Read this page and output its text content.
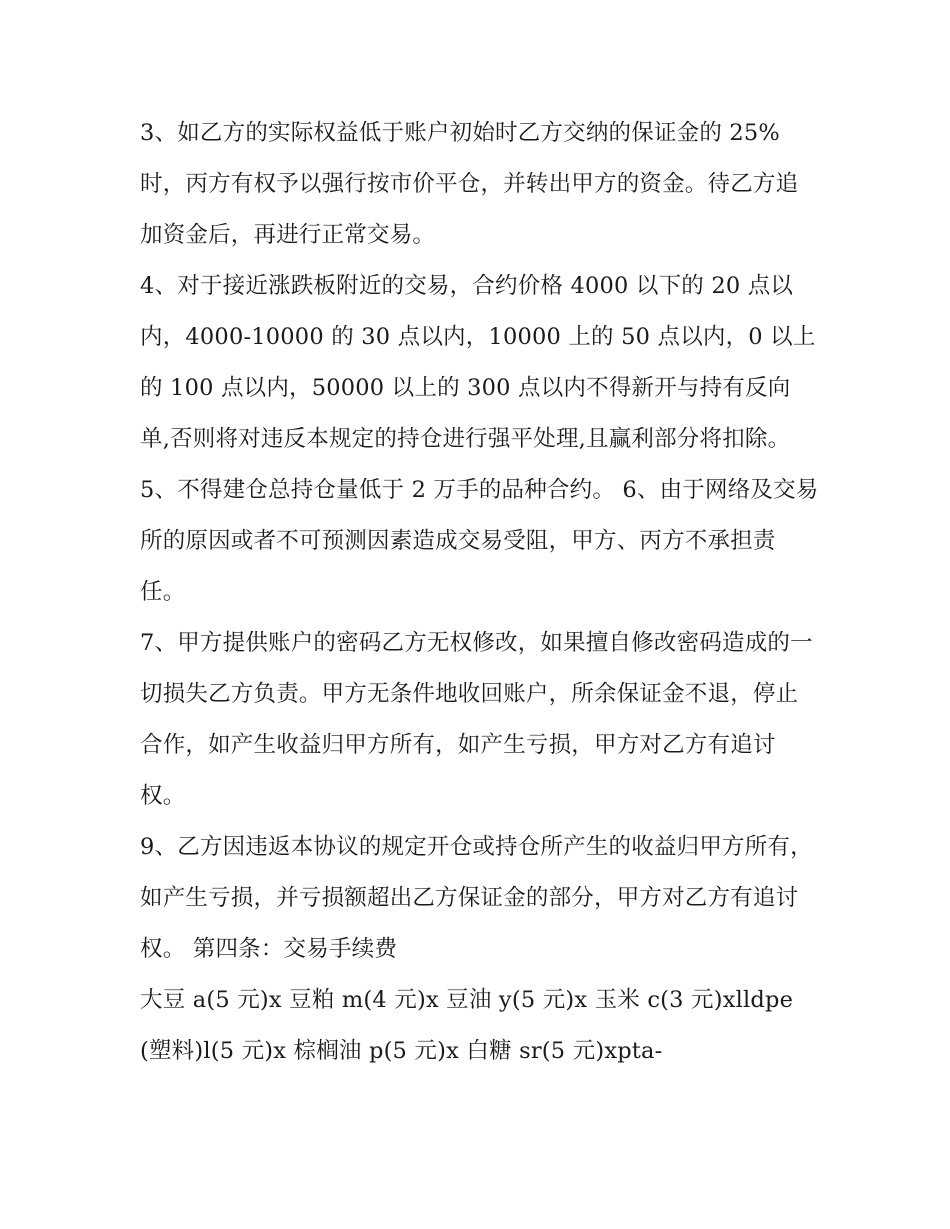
3、如乙方的实际权益低于账户初始时乙方交纳的保证金的 25%时，丙方有权予以强行按市价平仓，并转出甲方的资金。待乙方追加资金后，再进行正常交易。

4、对于接近涨跌板附近的交易，合约价格 4000 以下的 20 点以内，4000-10000 的 30 点以内，10000 上的 50 点以内，0 以上的 100 点以内，50000 以上的 300 点以内不得新开与持有反向单,否则将对违反本规定的持仓进行强平处理,且赢利部分将扣除。

5、不得建仓总持仓量低于 2 万手的品种合约。 6、由于网络及交易所的原因或者不可预测因素造成交易受阻，甲方、丙方不承担责任。

7、甲方提供账户的密码乙方无权修改，如果擅自修改密码造成的一切损失乙方负责。甲方无条件地收回账户，所余保证金不退，停止合作，如产生收益归甲方所有，如产生亏损，甲方对乙方有追讨权。

9、乙方因违返本协议的规定开仓或持仓所产生的收益归甲方所有，如产生亏损，并亏损额超出乙方保证金的部分，甲方对乙方有追讨权。 第四条：交易手续费

大豆 a(5 元)x 豆粕 m(4 元)x 豆油 y(5 元)x 玉米 c(3 元)xlldpe(塑料)l(5 元)x 棕榈油 p(5 元)x 白糖 sr(5 元)xpta-
